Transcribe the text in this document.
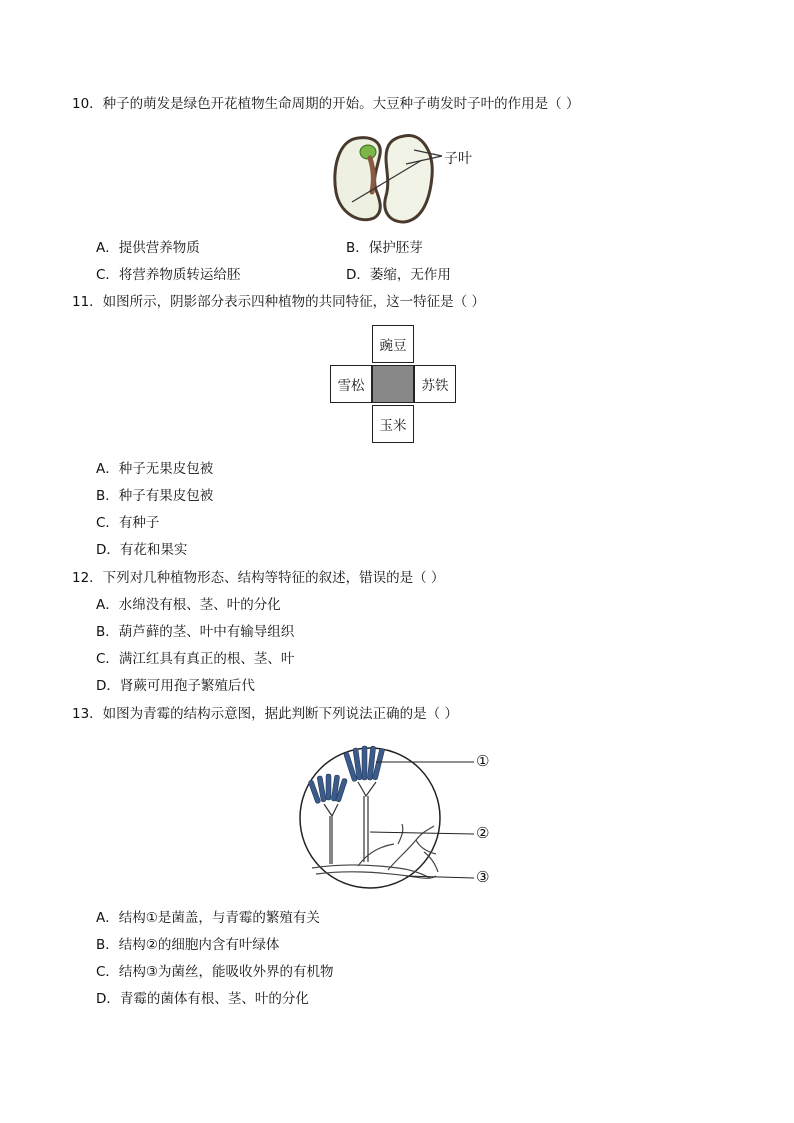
10．种子的萌发是绿色开花植物生命周期的开始。大豆种子萌发时子叶的作用是（ ）
子叶
A．提供营养物质	B．保护胚芽
C．将营养物质转运给胚	D．萎缩，无作用
11．如图所示，阴影部分表示四种植物的共同特征，这一特征是（ ）
豌豆
雪松	苏铁
玉米
A．种子无果皮包被
B．种子有果皮包被
C．有种子
D．有花和果实
12．下列对几种植物形态、结构等特征的叙述，错误的是（ ）
A．水绵没有根、茎、叶的分化
B．葫芦藓的茎、叶中有输导组织
C．满江红具有真正的根、茎、叶
D．肾蕨可用孢子繁殖后代
13．如图为青霉的结构示意图，据此判断下列说法正确的是（ ）
①
②
③
A．结构①是菌盖，与青霉的繁殖有关
B．结构②的细胞内含有叶绿体
C．结构③为菌丝，能吸收外界的有机物
D．青霉的菌体有根、茎、叶的分化
